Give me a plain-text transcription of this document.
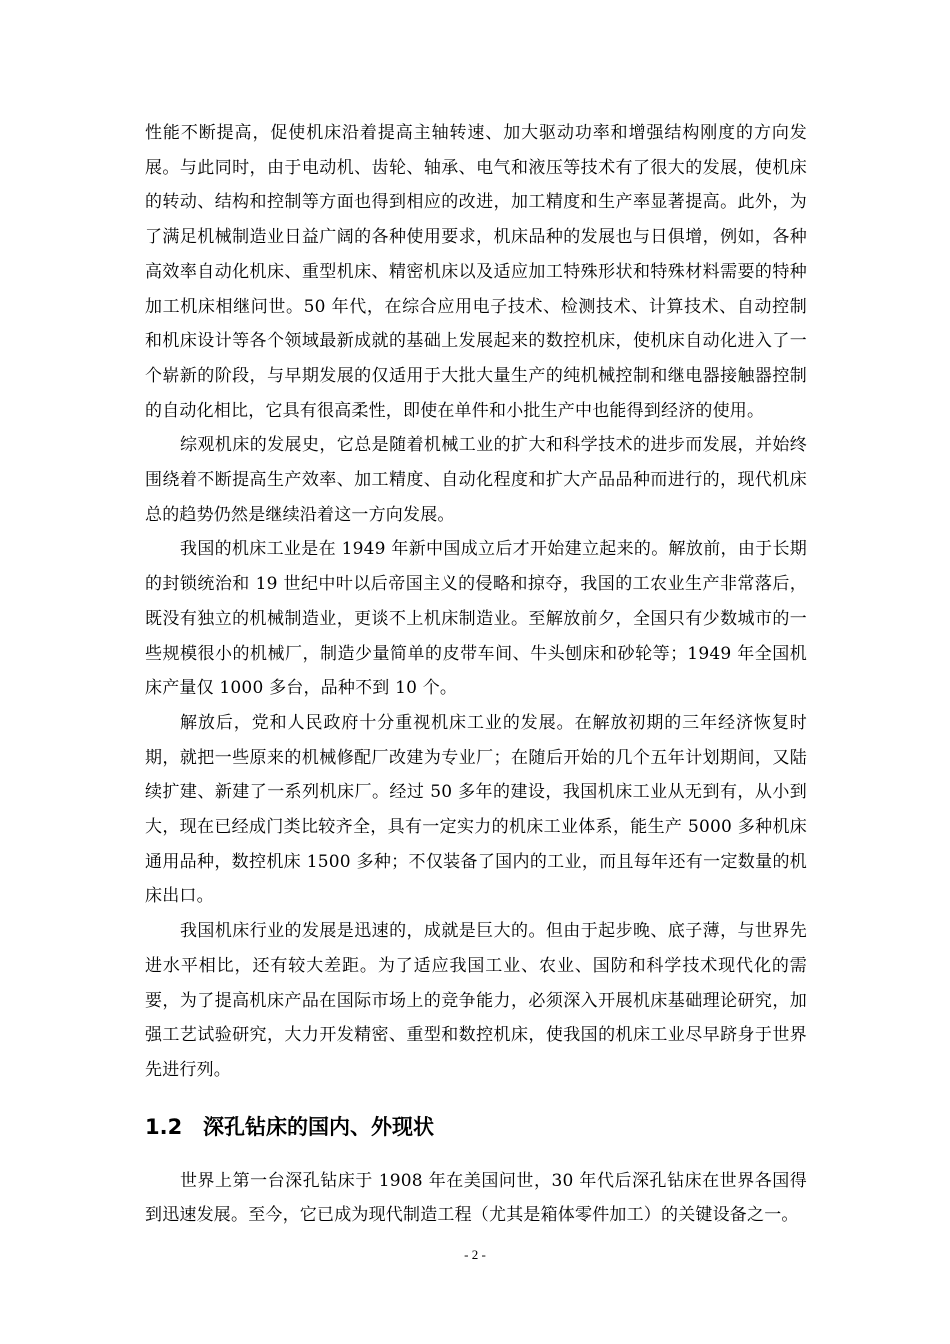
性能不断提高，促使机床沿着提高主轴转速、加大驱动功率和增强结构刚度的方向发展。与此同时，由于电动机、齿轮、轴承、电气和液压等技术有了很大的发展，使机床的转动、结构和控制等方面也得到相应的改进，加工精度和生产率显著提高。此外，为了满足机械制造业日益广阔的各种使用要求，机床品种的发展也与日俱增，例如，各种高效率自动化机床、重型机床、精密机床以及适应加工特殊形状和特殊材料需要的特种加工机床相继问世。50 年代，在综合应用电子技术、检测技术、计算技术、自动控制和机床设计等各个领域最新成就的基础上发展起来的数控机床，使机床自动化进入了一个崭新的阶段，与早期发展的仅适用于大批大量生产的纯机械控制和继电器接触器控制的自动化相比，它具有很高柔性，即使在单件和小批生产中也能得到经济的使用。

综观机床的发展史，它总是随着机械工业的扩大和科学技术的进步而发展，并始终围绕着不断提高生产效率、加工精度、自动化程度和扩大产品品种而进行的，现代机床总的趋势仍然是继续沿着这一方向发展。

我国的机床工业是在 1949 年新中国成立后才开始建立起来的。解放前，由于长期的封锁统治和 19 世纪中叶以后帝国主义的侵略和掠夺，我国的工农业生产非常落后，既没有独立的机械制造业，更谈不上机床制造业。至解放前夕，全国只有少数城市的一些规模很小的机械厂，制造少量简单的皮带车间、牛头刨床和砂轮等；1949 年全国机床产量仅 1000 多台，品种不到 10 个。

解放后，党和人民政府十分重视机床工业的发展。在解放初期的三年经济恢复时期，就把一些原来的机械修配厂改建为专业厂；在随后开始的几个五年计划期间，又陆续扩建、新建了一系列机床厂。经过 50 多年的建设，我国机床工业从无到有，从小到大，现在已经成门类比较齐全，具有一定实力的机床工业体系，能生产 5000 多种机床通用品种，数控机床 1500 多种；不仅装备了国内的工业，而且每年还有一定数量的机床出口。

我国机床行业的发展是迅速的，成就是巨大的。但由于起步晚、底子薄，与世界先进水平相比，还有较大差距。为了适应我国工业、农业、国防和科学技术现代化的需要，为了提高机床产品在国际市场上的竞争能力，必须深入开展机床基础理论研究，加强工艺试验研究，大力开发精密、重型和数控机床，使我国的机床工业尽早跻身于世界先进行列。

1.2 深孔钻床的国内、外现状

世界上第一台深孔钻床于 1908 年在美国问世，30 年代后深孔钻床在世界各国得到迅速发展。至今，它已成为现代制造工程（尤其是箱体零件加工）的关键设备之一。

- 2 -
